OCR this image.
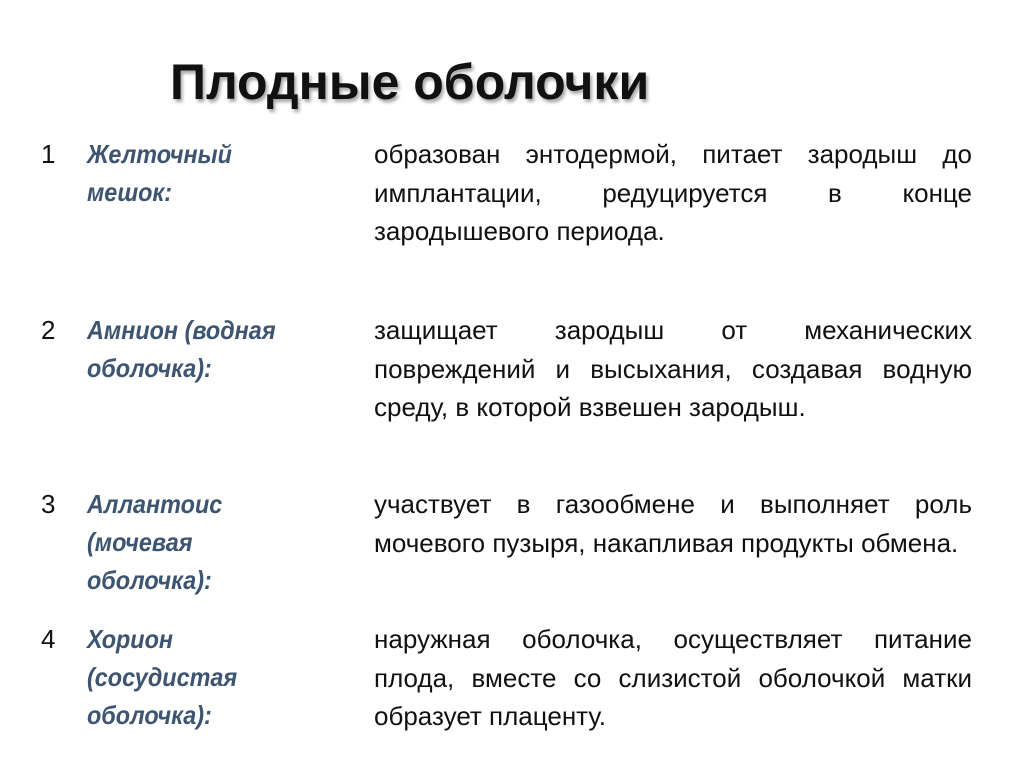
Плодные оболочки
1 Желточный мешок:
образован энтодермой, питает зародыш до имплантации, редуцируется в конце зародышевого периода.
2 Амнион (водная оболочка):
защищает зародыш от механических повреждений и высыхания, создавая водную среду, в которой взвешен зародыш.
3 Аллантоис (мочевая оболочка):
участвует в газообмене и выполняет роль мочевого пузыря, накапливая продукты обмена.
4 Хорион (сосудистая оболочка):
наружная оболочка, осуществляет питание плода, вместе со слизистой оболочкой матки образует плаценту.
